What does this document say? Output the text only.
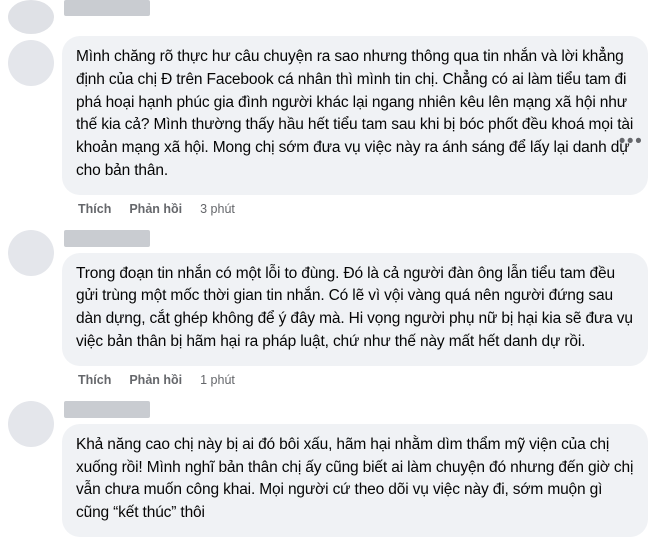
Mình chăng rõ thực hư câu chuyện ra sao nhưng thông qua tin nhắn và lời khẳng định của chị Đ trên Facebook cá nhân thì mình tin chị. Chẳng có ai làm tiểu tam đi phá hoại hạnh phúc gia đình người khác lại ngang nhiên kêu lên mạng xã hội như thế kia cả? Mình thường thấy hầu hết tiểu tam sau khi bị bóc phốt đều khoá mọi tài khoản mạng xã hội. Mong chị sớm đưa vụ việc này ra ánh sáng để lấy lại danh dự cho bản thân.
Thích Phản hồi 3 phút
•••
Trong đoạn tin nhắn có một lỗi to đùng. Đó là cả người đàn ông lẫn tiểu tam đều gửi trùng một mốc thời gian tin nhắn. Có lẽ vì vội vàng quá nên người đứng sau dàn dựng, cắt ghép không để ý đây mà. Hi vọng người phụ nữ bị hại kia sẽ đưa vụ việc bản thân bị hãm hại ra pháp luật, chứ như thế này mất hết danh dự rồi.
Thích Phản hồi 1 phút
Khả năng cao chị này bị ai đó bôi xấu, hãm hại nhằm dìm thẩm mỹ viện của chị xuống rồi! Mình nghĩ bản thân chị ấy cũng biết ai làm chuyện đó nhưng đến giờ chị vẫn chưa muốn công khai. Mọi người cứ theo dõi vụ việc này đi, sớm muộn gì cũng “kết thúc” thôi
